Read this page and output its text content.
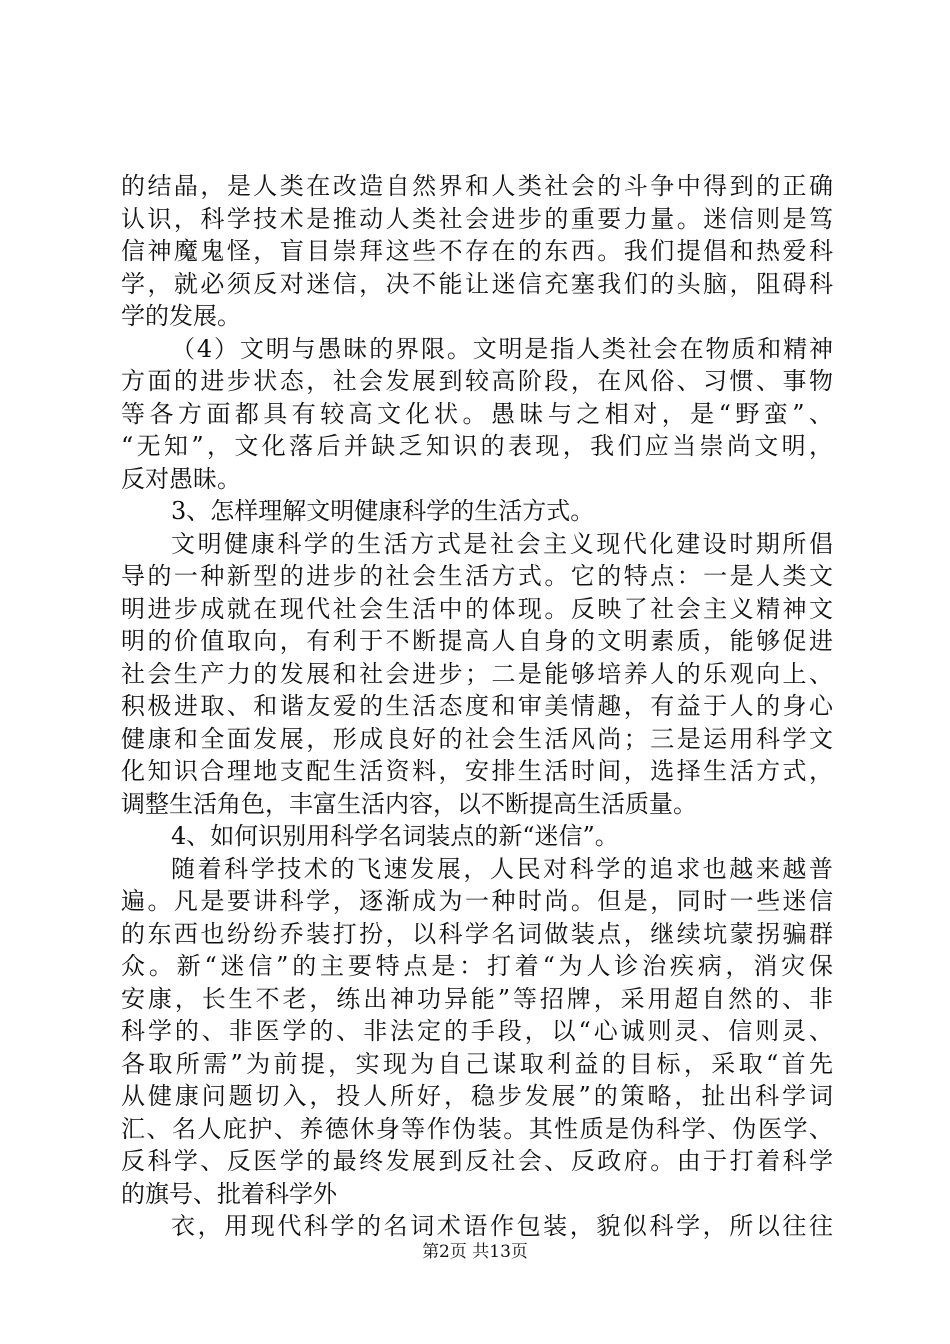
的结晶，是人类在改造自然界和人类社会的斗争中得到的正确
认识，科学技术是推动人类社会进步的重要力量。迷信则是笃
信神魔鬼怪，盲目崇拜这些不存在的东西。我们提倡和热爱科
学，就必须反对迷信，决不能让迷信充塞我们的头脑，阻碍科
学的发展。
（4）文明与愚昧的界限。文明是指人类社会在物质和精神
方面的进步状态，社会发展到较高阶段，在风俗、习惯、事物
等各方面都具有较高文化状。愚昧与之相对，是“野蛮”、
“无知”，文化落后并缺乏知识的表现，我们应当崇尚文明，
反对愚昧。
3、怎样理解文明健康科学的生活方式。
文明健康科学的生活方式是社会主义现代化建设时期所倡
导的一种新型的进步的社会生活方式。它的特点：一是人类文
明进步成就在现代社会生活中的体现。反映了社会主义精神文
明的价值取向，有利于不断提高人自身的文明素质，能够促进
社会生产力的发展和社会进步；二是能够培养人的乐观向上、
积极进取、和谐友爱的生活态度和审美情趣，有益于人的身心
健康和全面发展，形成良好的社会生活风尚；三是运用科学文
化知识合理地支配生活资料，安排生活时间，选择生活方式，
调整生活角色，丰富生活内容，以不断提高生活质量。
4、如何识别用科学名词装点的新“迷信”。
随着科学技术的飞速发展，人民对科学的追求也越来越普
遍。凡是要讲科学，逐渐成为一种时尚。但是，同时一些迷信
的东西也纷纷乔装打扮，以科学名词做装点，继续坑蒙拐骗群
众。新“迷信”的主要特点是：打着“为人诊治疾病，消灾保
安康，长生不老，练出神功异能”等招牌，采用超自然的、非
科学的、非医学的、非法定的手段，以“心诚则灵、信则灵、
各取所需”为前提，实现为自己谋取利益的目标，采取“首先
从健康问题切入，投人所好，稳步发展”的策略，扯出科学词
汇、名人庇护、养德休身等作伪装。其性质是伪科学、伪医学、
反科学、反医学的最终发展到反社会、反政府。由于打着科学
的旗号、批着科学外
衣，用现代科学的名词术语作包装，貌似科学，所以往往
第2页 共13页
